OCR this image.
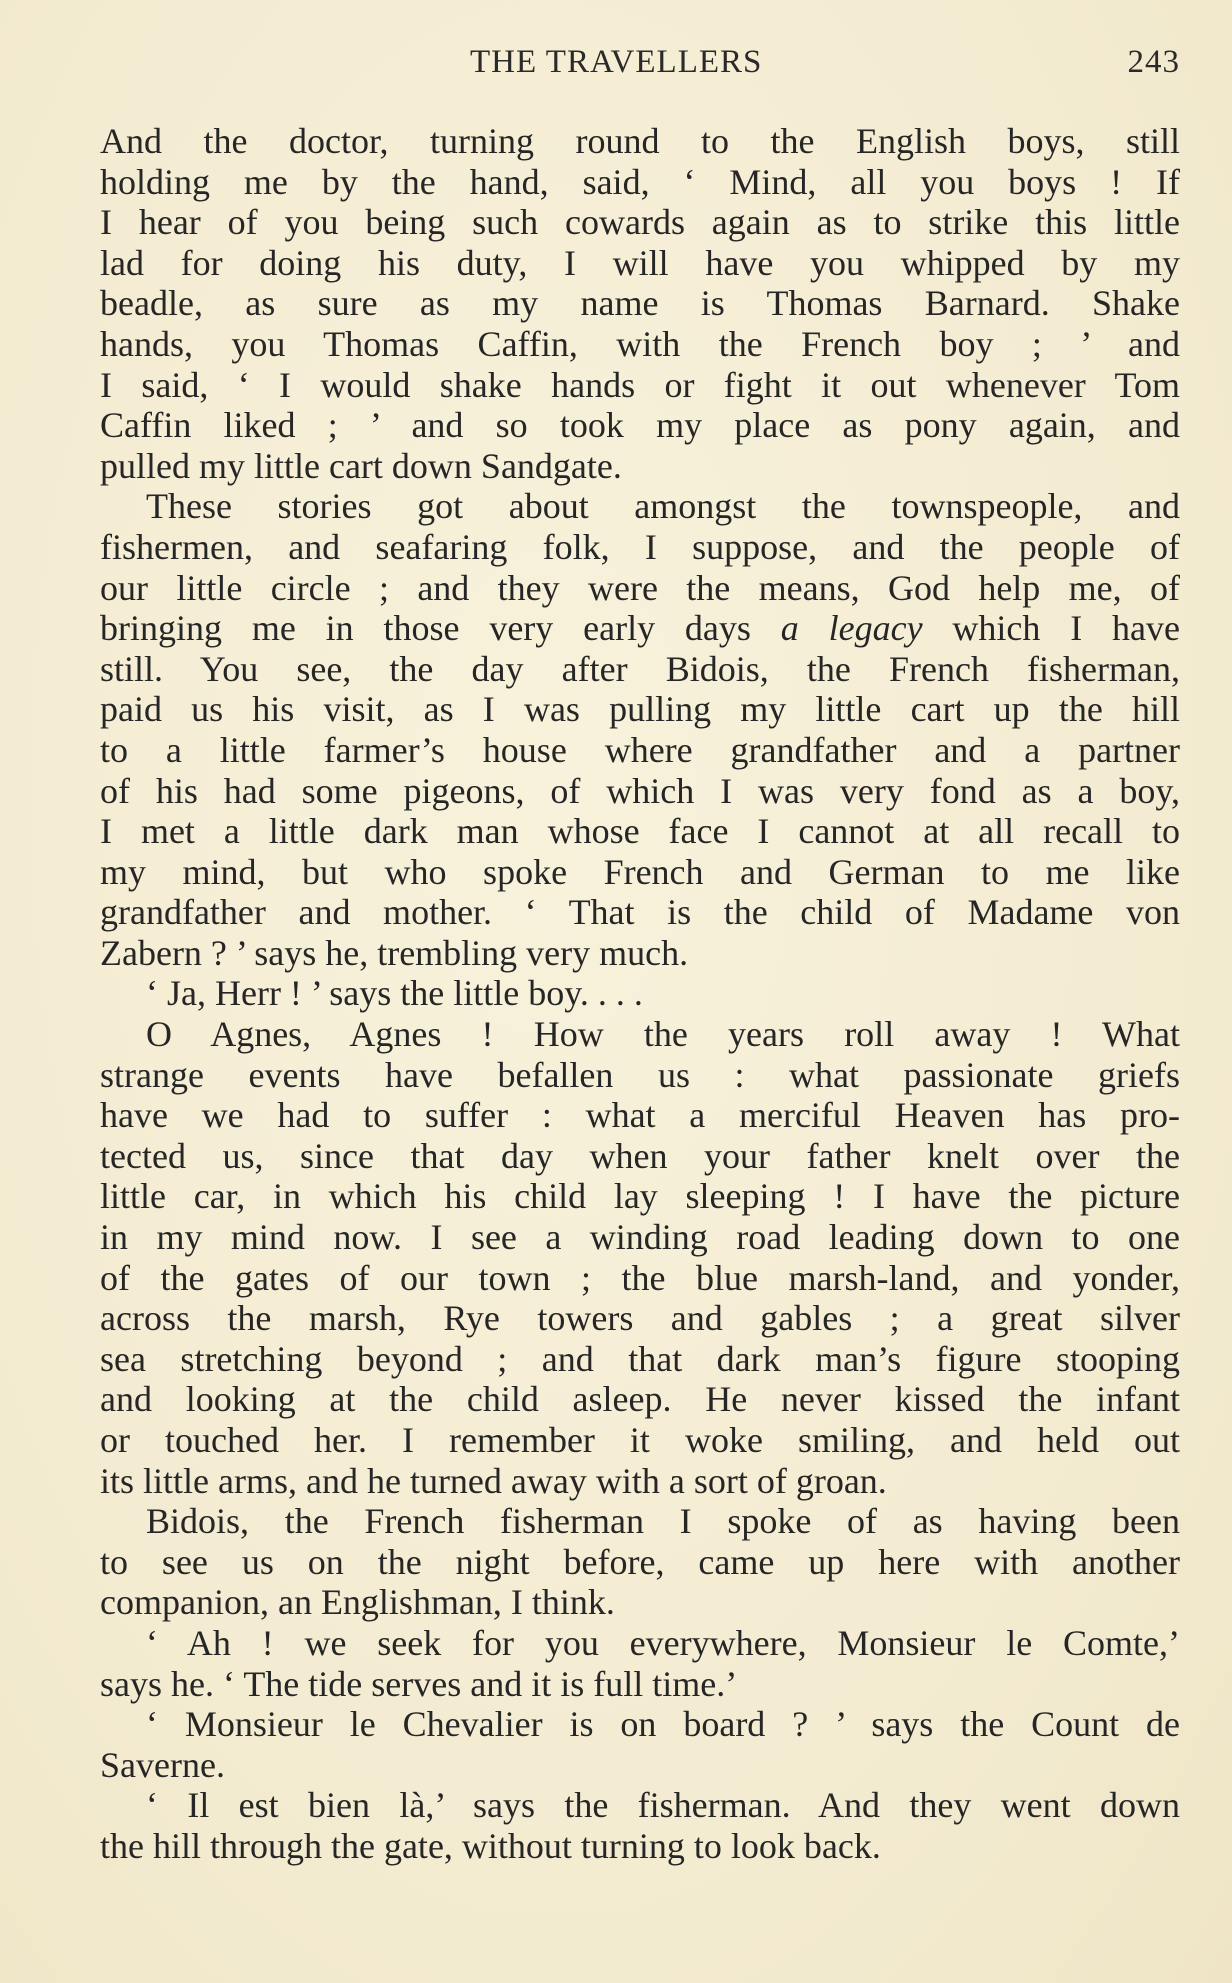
THE TRAVELLERS	243
And the doctor, turning round to the English boys, still
holding me by the hand, said, ‘ Mind, all you boys ! If
I hear of you being such cowards again as to strike this little
lad for doing his duty, I will have you whipped by my
beadle, as sure as my name is Thomas Barnard. Shake
hands, you Thomas Caffin, with the French boy ; ’ and
I said, ‘ I would shake hands or fight it out whenever Tom
Caffin liked ; ’ and so took my place as pony again, and
pulled my little cart down Sandgate.
These stories got about amongst the townspeople, and
fishermen, and seafaring folk, I suppose, and the people of
our little circle ; and they were the means, God help me, of
bringing me in those very early days a legacy which I have
still. You see, the day after Bidois, the French fisherman,
paid us his visit, as I was pulling my little cart up the hill
to a little farmer’s house where grandfather and a partner
of his had some pigeons, of which I was very fond as a boy,
I met a little dark man whose face I cannot at all recall to
my mind, but who spoke French and German to me like
grandfather and mother. ‘ That is the child of Madame von
Zabern ? ’ says he, trembling very much.
‘ Ja, Herr ! ’ says the little boy. . . .
O Agnes, Agnes ! How the years roll away ! What
strange events have befallen us : what passionate griefs
have we had to suffer : what a merciful Heaven has pro-
tected us, since that day when your father knelt over the
little car, in which his child lay sleeping ! I have the picture
in my mind now. I see a winding road leading down to one
of the gates of our town ; the blue marsh-land, and yonder,
across the marsh, Rye towers and gables ; a great silver
sea stretching beyond ; and that dark man’s figure stooping
and looking at the child asleep. He never kissed the infant
or touched her. I remember it woke smiling, and held out
its little arms, and he turned away with a sort of groan.
Bidois, the French fisherman I spoke of as having been
to see us on the night before, came up here with another
companion, an Englishman, I think.
‘ Ah ! we seek for you everywhere, Monsieur le Comte,’
says he. ‘ The tide serves and it is full time.’
‘ Monsieur le Chevalier is on board ? ’ says the Count de
Saverne.
‘ Il est bien là,’ says the fisherman. And they went down
the hill through the gate, without turning to look back.
